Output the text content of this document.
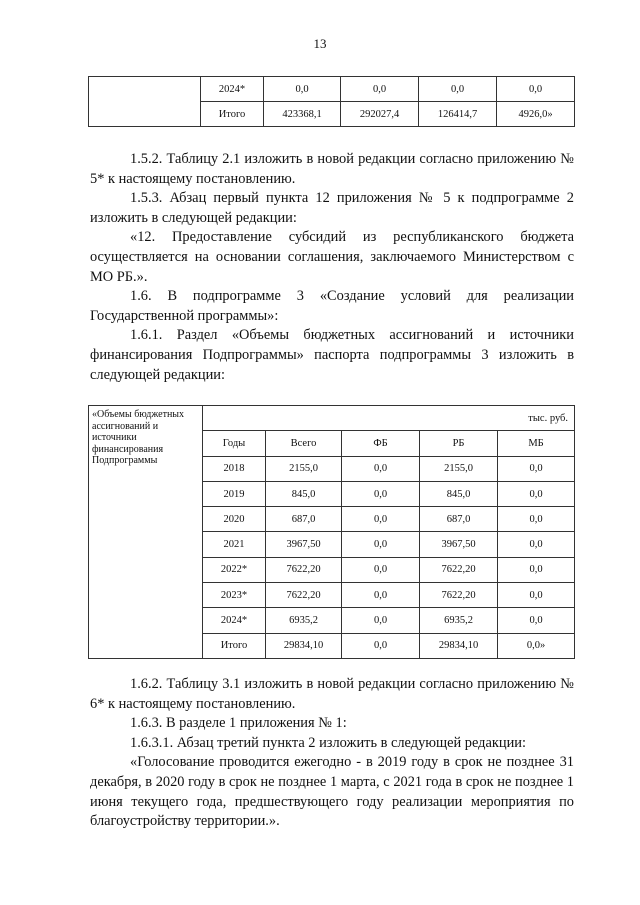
13
	2024*	0,0	0,0	0,0	0,0
	Итого	423368,1	292027,4	126414,7	4926,0»

1.5.2. Таблицу 2.1 изложить в новой редакции согласно приложению № 5* к настоящему постановлению.

1.5.3. Абзац первый пункта 12 приложения № 5 к подпрограмме 2 изложить в следующей редакции:

«12. Предоставление субсидий из республиканского бюджета осуществляется на основании соглашения, заключаемого Министерством с МО РБ.».

1.6. В подпрограмме 3 «Создание условий для реализации Государственной программы»:

1.6.1. Раздел «Объемы бюджетных ассигнований и источники финансирования Подпрограммы» паспорта подпрограммы 3 изложить в следующей редакции:

«Объемы бюджетных ассигнований и источники финансирования Подпрограммы	тыс. руб.				
	Годы	Всего	ФБ	РБ	МБ
	2018	2155,0	0,0	2155,0	0,0
	2019	845,0	0,0	845,0	0,0
	2020	687,0	0,0	687,0	0,0
	2021	3967,50	0,0	3967,50	0,0
	2022*	7622,20	0,0	7622,20	0,0
	2023*	7622,20	0,0	7622,20	0,0
	2024*	6935,2	0,0	6935,2	0,0
	Итого	29834,10	0,0	29834,10	0,0»

1.6.2. Таблицу 3.1 изложить в новой редакции согласно приложению № 6* к настоящему постановлению.

1.6.3. В разделе 1 приложения № 1:

1.6.3.1. Абзац третий пункта 2 изложить в следующей редакции:

«Голосование проводится ежегодно - в 2019 году в срок не позднее 31 декабря, в 2020 году в срок не позднее 1 марта, с 2021 года в срок не позднее 1 июня текущего года, предшествующего году реализации мероприятия по благоустройству территории.».
